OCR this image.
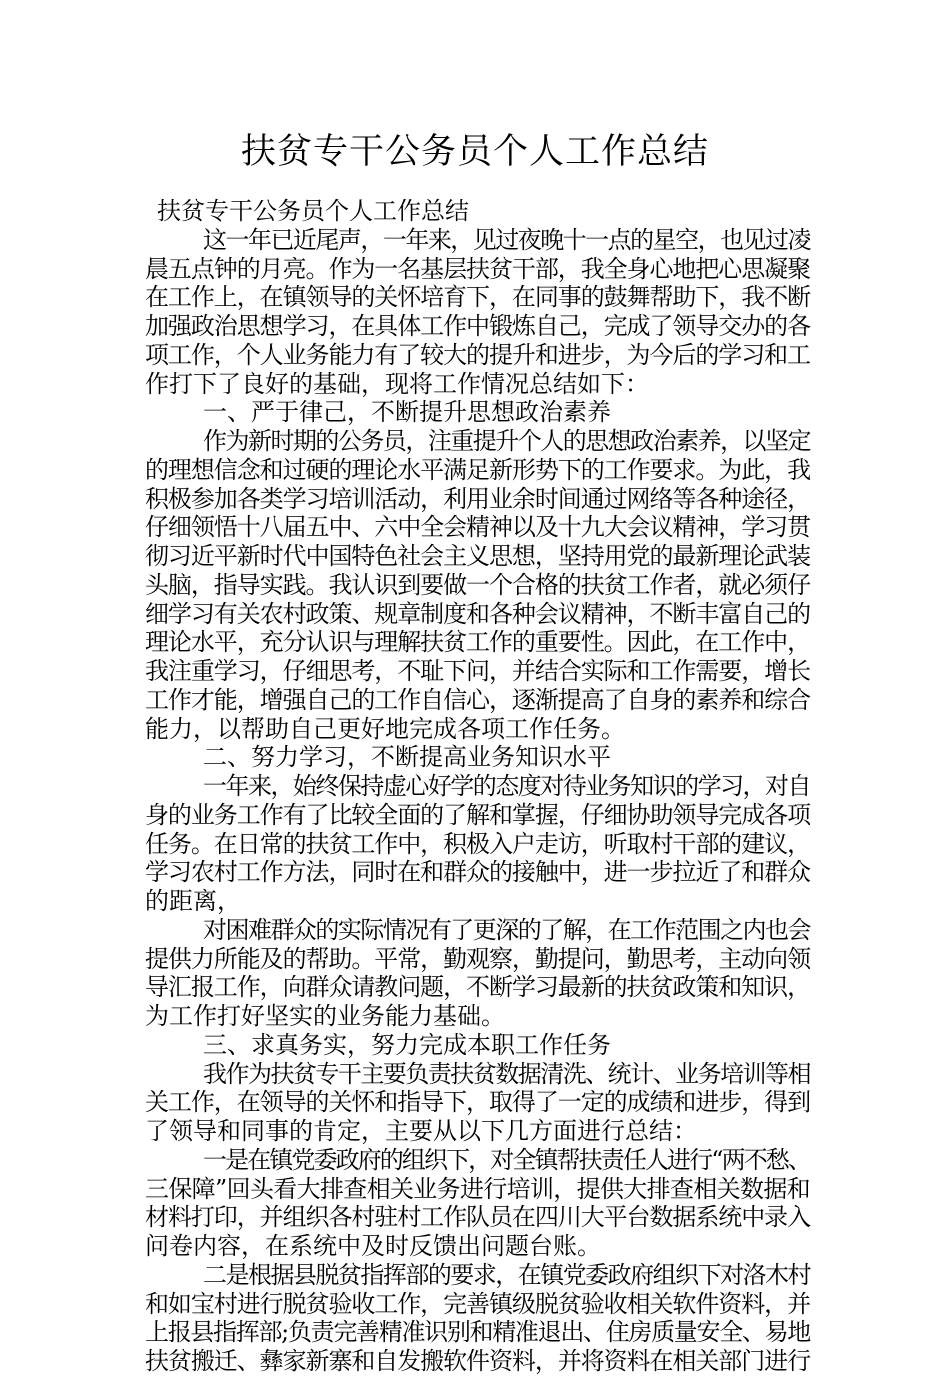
扶贫专干公务员个人工作总结
扶贫专干公务员个人工作总结
这一年已近尾声，一年来，见过夜晚十一点的星空，也见过凌
晨五点钟的月亮。作为一名基层扶贫干部，我全身心地把心思凝聚
在工作上，在镇领导的关怀培育下，在同事的鼓舞帮助下，我不断
加强政治思想学习，在具体工作中锻炼自己，完成了领导交办的各
项工作，个人业务能力有了较大的提升和进步，为今后的学习和工
作打下了良好的基础，现将工作情况总结如下：
一、严于律己，不断提升思想政治素养
作为新时期的公务员，注重提升个人的思想政治素养，以坚定
的理想信念和过硬的理论水平满足新形势下的工作要求。为此，我
积极参加各类学习培训活动，利用业余时间通过网络等各种途径，
仔细领悟十八届五中、六中全会精神以及十九大会议精神，学习贯
彻习近平新时代中国特色社会主义思想，坚持用党的最新理论武装
头脑，指导实践。我认识到要做一个合格的扶贫工作者，就必须仔
细学习有关农村政策、规章制度和各种会议精神，不断丰富自己的
理论水平，充分认识与理解扶贫工作的重要性。因此，在工作中，
我注重学习，仔细思考，不耻下问，并结合实际和工作需要，增长
工作才能，增强自己的工作自信心，逐渐提高了自身的素养和综合
能力，以帮助自己更好地完成各项工作任务。
二、努力学习，不断提高业务知识水平
一年来，始终保持虚心好学的态度对待业务知识的学习，对自
身的业务工作有了比较全面的了解和掌握，仔细协助领导完成各项
任务。在日常的扶贫工作中，积极入户走访，听取村干部的建议，
学习农村工作方法，同时在和群众的接触中，进一步拉近了和群众
的距离，
对困难群众的实际情况有了更深的了解，在工作范围之内也会
提供力所能及的帮助。平常，勤观察，勤提问，勤思考，主动向领
导汇报工作，向群众请教问题，不断学习最新的扶贫政策和知识，
为工作打好坚实的业务能力基础。
三、求真务实，努力完成本职工作任务
我作为扶贫专干主要负责扶贫数据清洗、统计、业务培训等相
关工作，在领导的关怀和指导下，取得了一定的成绩和进步，得到
了领导和同事的肯定，主要从以下几方面进行总结：
一是在镇党委政府的组织下，对全镇帮扶责任人进行“两不愁、
三保障”回头看大排查相关业务进行培训，提供大排查相关数据和
材料打印，并组织各村驻村工作队员在四川大平台数据系统中录入
问卷内容，在系统中及时反馈出问题台账。
二是根据县脱贫指挥部的要求，在镇党委政府组织下对洛木村
和如宝村进行脱贫验收工作，完善镇级脱贫验收相关软件资料，并
上报县指挥部;负责完善精准识别和精准退出、住房质量安全、易地
扶贫搬迁、彝家新寨和自发搬软件资料，并将资料在相关部门进行
